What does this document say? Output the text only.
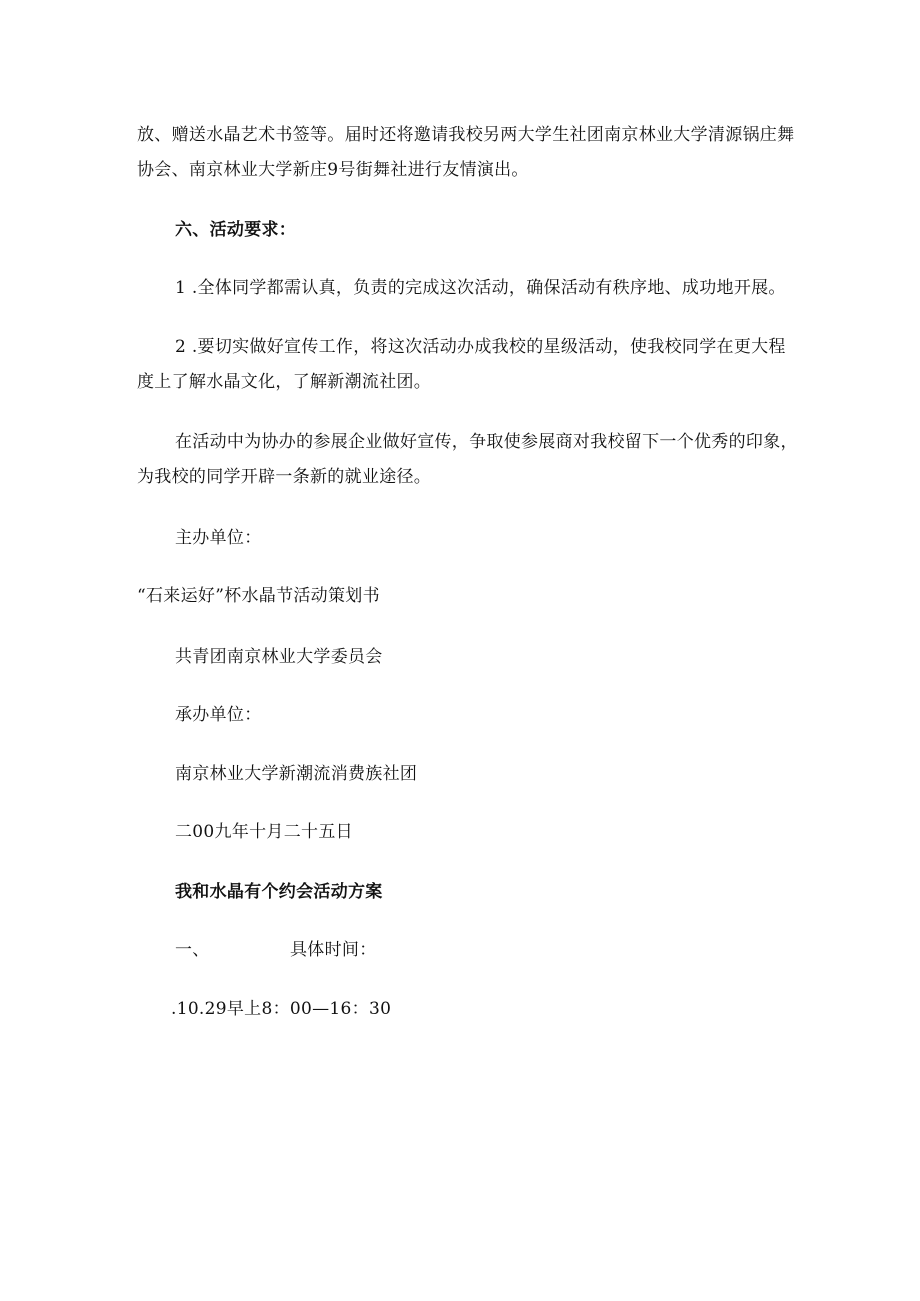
放、赠送水晶艺术书签等。届时还将邀请我校另两大学生社团南京林业大学清源锅庄舞
协会、南京林业大学新庄9号街舞社进行友情演出。
六、活动要求：
1 .全体同学都需认真，负责的完成这次活动，确保活动有秩序地、成功地开展。
2 .要切实做好宣传工作，将这次活动办成我校的星级活动，使我校同学在更大程
度上了解水晶文化，了解新潮流社团。
在活动中为协办的参展企业做好宣传，争取使参展商对我校留下一个优秀的印象，
为我校的同学开辟一条新的就业途径。
主办单位：
“石来运好”杯水晶节活动策划书
共青团南京林业大学委员会
承办单位：
南京林业大学新潮流消费族社团
二00九年十月二十五日
我和水晶有个约会活动方案
一、	具体时间：
.10.29早上8：00—16：30
